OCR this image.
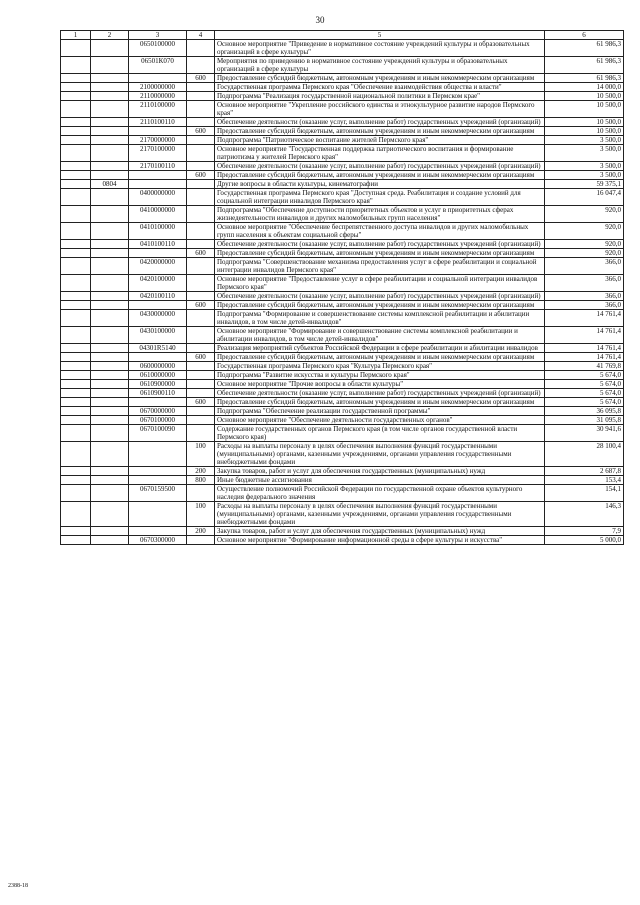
30
1	2	3	4	5	6
		0650100000		Основное мероприятие "Приведение в нормативное состояние учреждений культуры и образовательных организаций в сфере культуры"	61 986,3
		06501К070		Мероприятия по приведению в нормативное состояние учреждений культуры и образовательных организаций в сфере культуры	61 986,3
			600	Предоставление субсидий бюджетным, автономным учреждениям и иным некоммерческим организациям	61 986,3
		2100000000		Государственная программа Пермского края "Обеспечение взаимодействия общества и власти"	14 000,0
		2110000000		Подпрограмма "Реализация государственной национальной политики в Пермском крае"	10 500,0
		2110100000		Основное мероприятие "Укрепление российского единства и этнокультурное развитие народов Пермского края"	10 500,0
		2110100110		Обеспечение деятельности (оказание услуг, выполнение работ) государственных учреждений (организаций)	10 500,0
			600	Предоставление субсидий бюджетным, автономным учреждениям и иным некоммерческим организациям	10 500,0
		2170000000		Подпрограмма "Патриотическое воспитание жителей Пермского края"	3 500,0
		2170100000		Основное мероприятие "Государственная поддержка патриотического воспитания и формирование патриотизма у жителей Пермского края"	3 500,0
		2170100110		Обеспечение деятельности (оказание услуг, выполнение работ) государственных учреждений (организаций)	3 500,0
			600	Предоставление субсидий бюджетным, автономным учреждениям и иным некоммерческим организациям	3 500,0
	0804			Другие вопросы в области культуры, кинематографии	59 375,1
		0400000000		Государственная программа Пермского края "Доступная среда. Реабилитация и создание условий для социальной интеграции инвалидов Пермского края"	16 047,4
		0410000000		Подпрограмма "Обеспечение доступности приоритетных объектов и услуг в приоритетных сферах жизнедеятельности инвалидов и других маломобильных групп населения"	920,0
		0410100000		Основное мероприятие "Обеспечение беспрепятственного доступа инвалидов и других маломобильных групп населения к объектам социальной сферы"	920,0
		0410100110		Обеспечение деятельности (оказание услуг, выполнение работ) государственных учреждений (организаций)	920,0
			600	Предоставление субсидий бюджетным, автономным учреждениям и иным некоммерческим организациям	920,0
		0420000000		Подпрограмма "Совершенствование механизма предоставления услуг в сфере реабилитации и социальной интеграции инвалидов Пермского края"	366,0
		0420100000		Основное мероприятие "Предоставление услуг в сфере реабилитации и социальной интеграции инвалидов Пермского края"	366,0
		0420100110		Обеспечение деятельности (оказание услуг, выполнение работ) государственных учреждений (организаций)	366,0
			600	Предоставление субсидий бюджетным, автономным учреждениям и иным некоммерческим организациям	366,0
		0430000000		Подпрограмма "Формирование и совершенствование системы комплексной реабилитации и абилитации инвалидов, в том числе детей-инвалидов"	14 761,4
		0430100000		Основное мероприятие "Формирование и совершенствование системы комплексной реабилитации и абилитации инвалидов, в том числе детей-инвалидов"	14 761,4
		04301R5140		Реализация мероприятий субъектов Российской Федерации в сфере реабилитации и абилитации инвалидов	14 761,4
			600	Предоставление субсидий бюджетным, автономным учреждениям и иным некоммерческим организациям	14 761,4
		0600000000		Государственная программа Пермского края "Культура Пермского края"	41 769,8
		0610000000		Подпрограмма "Развитие искусства и культуры Пермского края"	5 674,0
		0610900000		Основное мероприятие "Прочие вопросы в области культуры"	5 674,0
		0610900110		Обеспечение деятельности (оказание услуг, выполнение работ) государственных учреждений (организаций)	5 674,0
			600	Предоставление субсидий бюджетным, автономным учреждениям и иным некоммерческим организациям	5 674,0
		0670000000		Подпрограмма "Обеспечение реализации государственной программы"	36 095,8
		0670100000		Основное мероприятие "Обеспечение деятельности государственных органов"	31 095,8
		0670100090		Содержание государственных органов Пермского края (в том числе органов государственной власти Пермского края)	30 941,6
			100	Расходы на выплаты персоналу в целях обеспечения выполнения функций государственными (муниципальными) органами, казенными учреждениями, органами управления государственными внебюджетными фондами	28 100,4
			200	Закупка товаров, работ и услуг для обеспечения государственных (муниципальных) нужд	2 687,8
			800	Иные бюджетные ассигнования	153,4
		0670159500		Осуществление полномочий Российской Федерации по государственной охране объектов культурного наследия федерального значения	154,1
			100	Расходы на выплаты персоналу в целях обеспечения выполнения функций государственными (муниципальными) органами, казенными учреждениями, органами управления государственными внебюджетными фондами	146,3
			200	Закупка товаров, работ и услуг для обеспечения государственных (муниципальных) нужд	7,9
		0670300000		Основное мероприятие "Формирование информационной среды в сфере культуры и искусства"	5 000,0
2388-18
